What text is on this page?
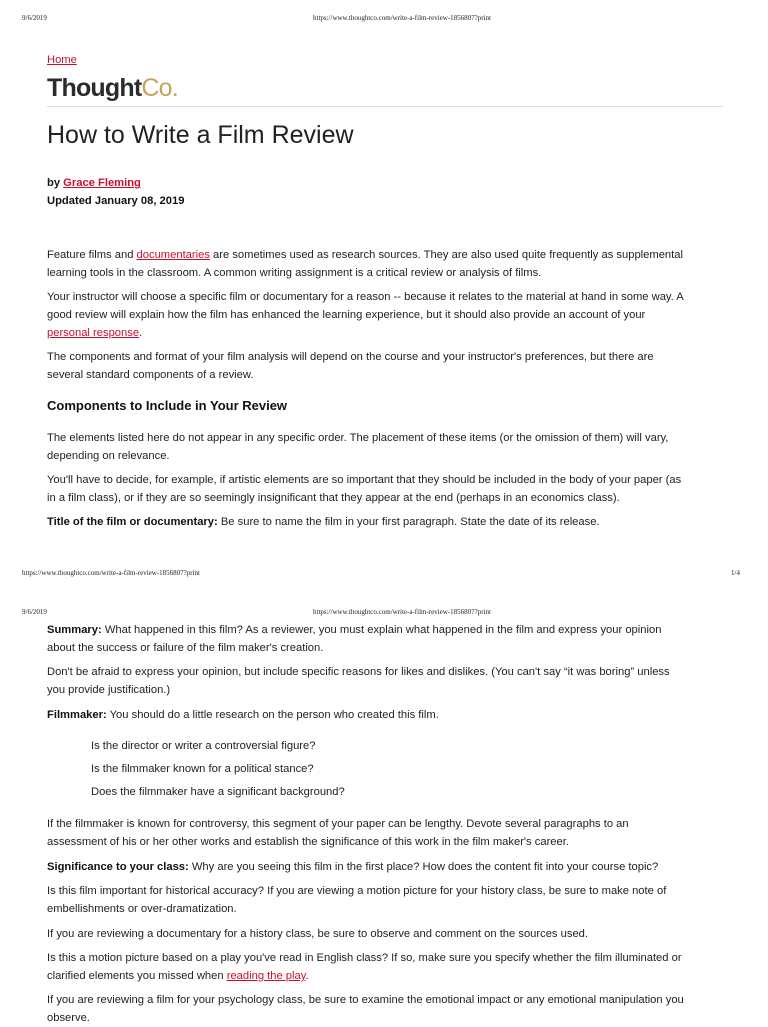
9/6/2019	https://www.thoughtco.com/write-a-film-review-1856807?print
Home
ThoughtCo.
How to Write a Film Review
by Grace Fleming
Updated January 08, 2019

Feature films and documentaries are sometimes used as research sources. They are also used quite frequently as supplemental
learning tools in the classroom. A common writing assignment is a critical review or analysis of films.

Your instructor will choose a specific film or documentary for a reason -- because it relates to the material at hand in some way. A
good review will explain how the film has enhanced the learning experience, but it should also provide an account of your
personal response.

The components and format of your film analysis will depend on the course and your instructor's preferences, but there are
several standard components of a review.

Components to Include in Your Review

The elements listed here do not appear in any specific order. The placement of these items (or the omission of them) will vary,
depending on relevance.

You'll have to decide, for example, if artistic elements are so important that they should be included in the body of your paper (as
in a film class), or if they are so seemingly insignificant that they appear at the end (perhaps in an economics class).

Title of the film or documentary: Be sure to name the film in your first paragraph. State the date of its release.

https://www.thoughtco.com/write-a-film-review-1856807?print	1/4
9/6/2019	https://www.thoughtco.com/write-a-film-review-1856807?print

Summary: What happened in this film? As a reviewer, you must explain what happened in the film and express your opinion
about the success or failure of the film maker's creation.

Don't be afraid to express your opinion, but include specific reasons for likes and dislikes. (You can't say “it was boring” unless
you provide justification.)

Filmmaker: You should do a little research on the person who created this film.

Is the director or writer a controversial figure?
Is the filmmaker known for a political stance?
Does the filmmaker have a significant background?

If the filmmaker is known for controversy, this segment of your paper can be lengthy. Devote several paragraphs to an
assessment of his or her other works and establish the significance of this work in the film maker's career.

Significance to your class: Why are you seeing this film in the first place? How does the content fit into your course topic?

Is this film important for historical accuracy? If you are viewing a motion picture for your history class, be sure to make note of
embellishments or over-dramatization.

If you are reviewing a documentary for a history class, be sure to observe and comment on the sources used.

Is this a motion picture based on a play you've read in English class? If so, make sure you specify whether the film illuminated or
clarified elements you missed when reading the play.

If you are reviewing a film for your psychology class, be sure to examine the emotional impact or any emotional manipulation you
observe.
